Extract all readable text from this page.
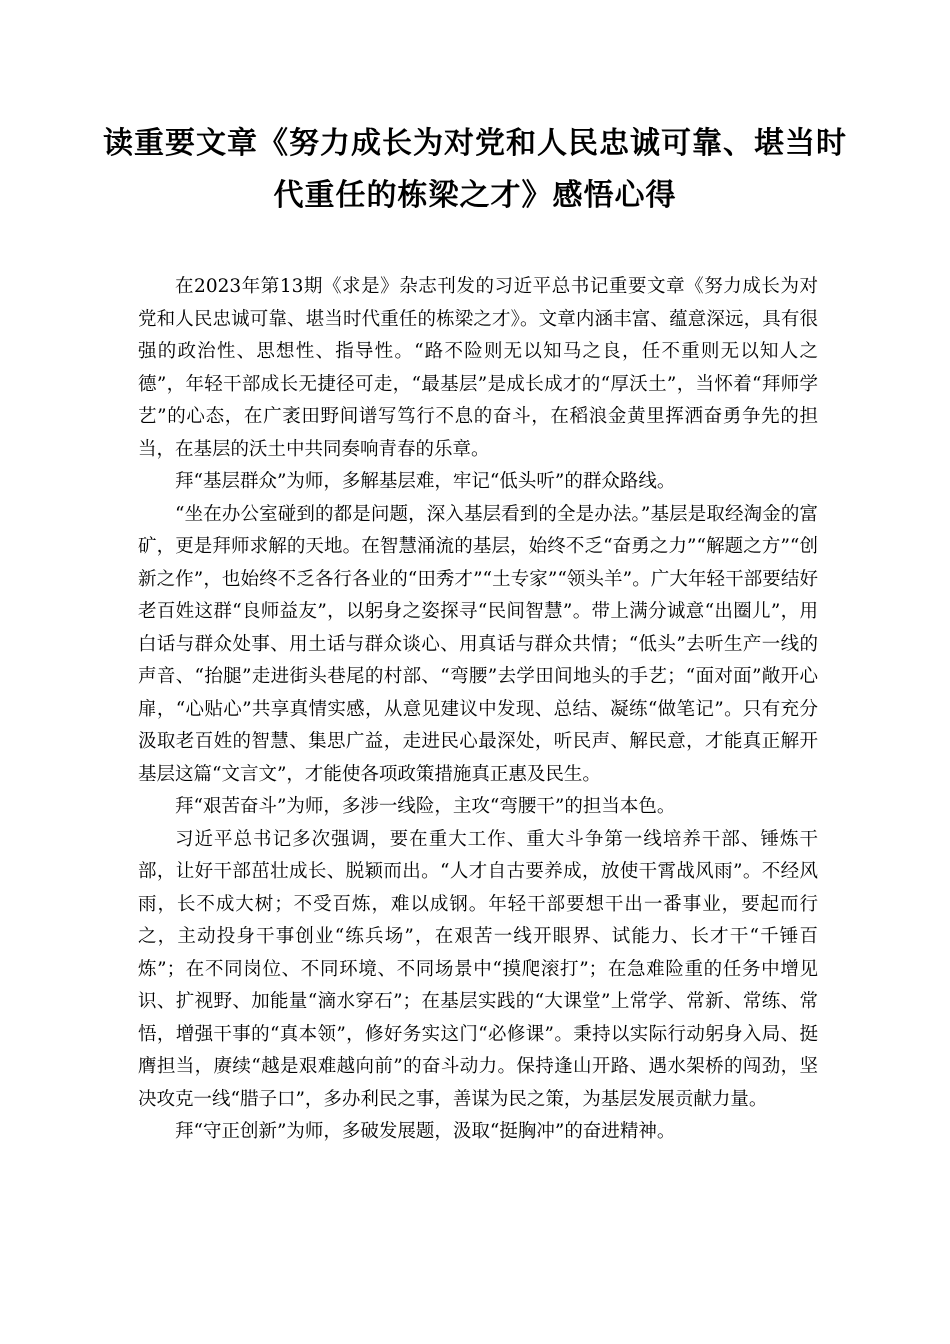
读重要文章《努力成长为对党和人民忠诚可靠、堪当时
代重任的栋梁之才》感悟心得

在2023年第13期《求是》杂志刊发的习近平总书记重要文章《努力成长为对党和人民忠诚可靠、堪当时代重任的栋梁之才》。文章内涵丰富、蕴意深远，具有很强的政治性、思想性、指导性。“路不险则无以知马之良，任不重则无以知人之德”，年轻干部成长无捷径可走，“最基层”是成长成才的“厚沃土”，当怀着“拜师学艺”的心态，在广袤田野间谱写笃行不息的奋斗，在稻浪金黄里挥洒奋勇争先的担当，在基层的沃土中共同奏响青春的乐章。

拜“基层群众”为师，多解基层难，牢记“低头听”的群众路线。

“坐在办公室碰到的都是问题，深入基层看到的全是办法。”基层是取经淘金的富矿，更是拜师求解的天地。在智慧涌流的基层，始终不乏“奋勇之力”“解题之方”“创新之作”，也始终不乏各行各业的“田秀才”“土专家”“领头羊”。广大年轻干部要结好老百姓这群“良师益友”，以躬身之姿探寻“民间智慧”。带上满分诚意“出圈儿”，用白话与群众处事、用土话与群众谈心、用真话与群众共情；“低头”去听生产一线的声音、“抬腿”走进街头巷尾的村部、“弯腰”去学田间地头的手艺；“面对面”敞开心扉，“心贴心”共享真情实感，从意见建议中发现、总结、凝练“做笔记”。只有充分汲取老百姓的智慧、集思广益，走进民心最深处，听民声、解民意，才能真正解开基层这篇“文言文”，才能使各项政策措施真正惠及民生。

拜“艰苦奋斗”为师，多涉一线险，主攻“弯腰干”的担当本色。

习近平总书记多次强调，要在重大工作、重大斗争第一线培养干部、锤炼干部，让好干部茁壮成长、脱颖而出。“人才自古要养成，放使干霄战风雨”。不经风雨，长不成大树；不受百炼，难以成钢。年轻干部要想干出一番事业，要起而行之，主动投身干事创业“练兵场”，在艰苦一线开眼界、试能力、长才干“千锤百炼”；在不同岗位、不同环境、不同场景中“摸爬滚打”；在急难险重的任务中增见识、扩视野、加能量“滴水穿石”；在基层实践的“大课堂”上常学、常新、常练、常悟，增强干事的“真本领”，修好务实这门“必修课”。秉持以实际行动躬身入局、挺膺担当，赓续“越是艰难越向前”的奋斗动力。保持逢山开路、遇水架桥的闯劲，坚决攻克一线“腊子口”，多办利民之事，善谋为民之策，为基层发展贡献力量。

拜“守正创新”为师，多破发展题，汲取“挺胸冲”的奋进精神。
